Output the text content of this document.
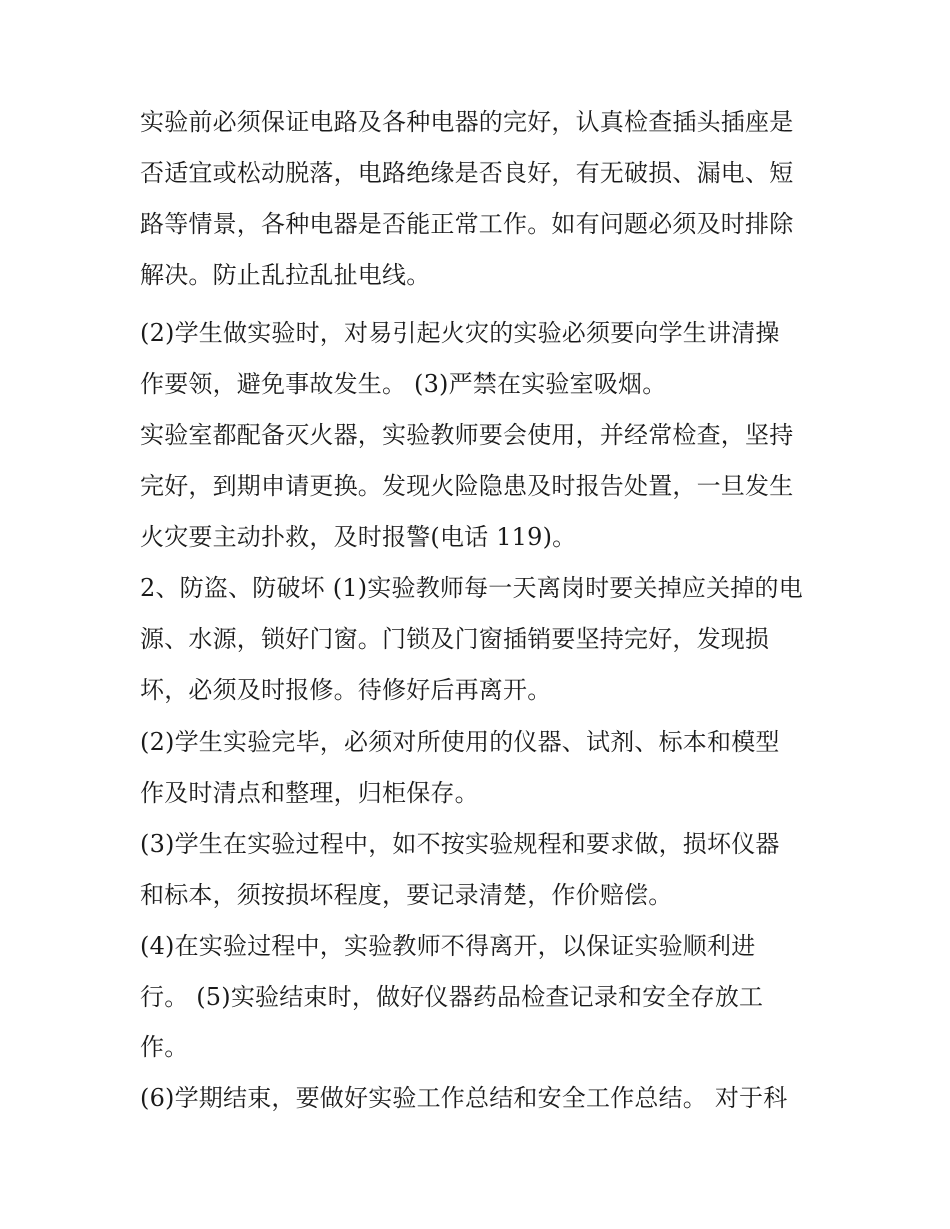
实验前必须保证电路及各种电器的完好，认真检查插头插座是
否适宜或松动脱落，电路绝缘是否良好，有无破损、漏电、短
路等情景，各种电器是否能正常工作。如有问题必须及时排除
解决。防止乱拉乱扯电线。
(2)学生做实验时，对易引起火灾的实验必须要向学生讲清操
作要领，避免事故发生。 (3)严禁在实验室吸烟。
实验室都配备灭火器，实验教师要会使用，并经常检查，坚持
完好，到期申请更换。发现火险隐患及时报告处置，一旦发生
火灾要主动扑救，及时报警(电话 119)。
2、防盗、防破坏 (1)实验教师每一天离岗时要关掉应关掉的电
源、水源，锁好门窗。门锁及门窗插销要坚持完好，发现损
坏，必须及时报修。待修好后再离开。
(2)学生实验完毕，必须对所使用的仪器、试剂、标本和模型
作及时清点和整理，归柜保存。
(3)学生在实验过程中，如不按实验规程和要求做，损坏仪器
和标本，须按损坏程度，要记录清楚，作价赔偿。
(4)在实验过程中，实验教师不得离开，以保证实验顺利进
行。 (5)实验结束时，做好仪器药品检查记录和安全存放工
作。
(6)学期结束，要做好实验工作总结和安全工作总结。 对于科
